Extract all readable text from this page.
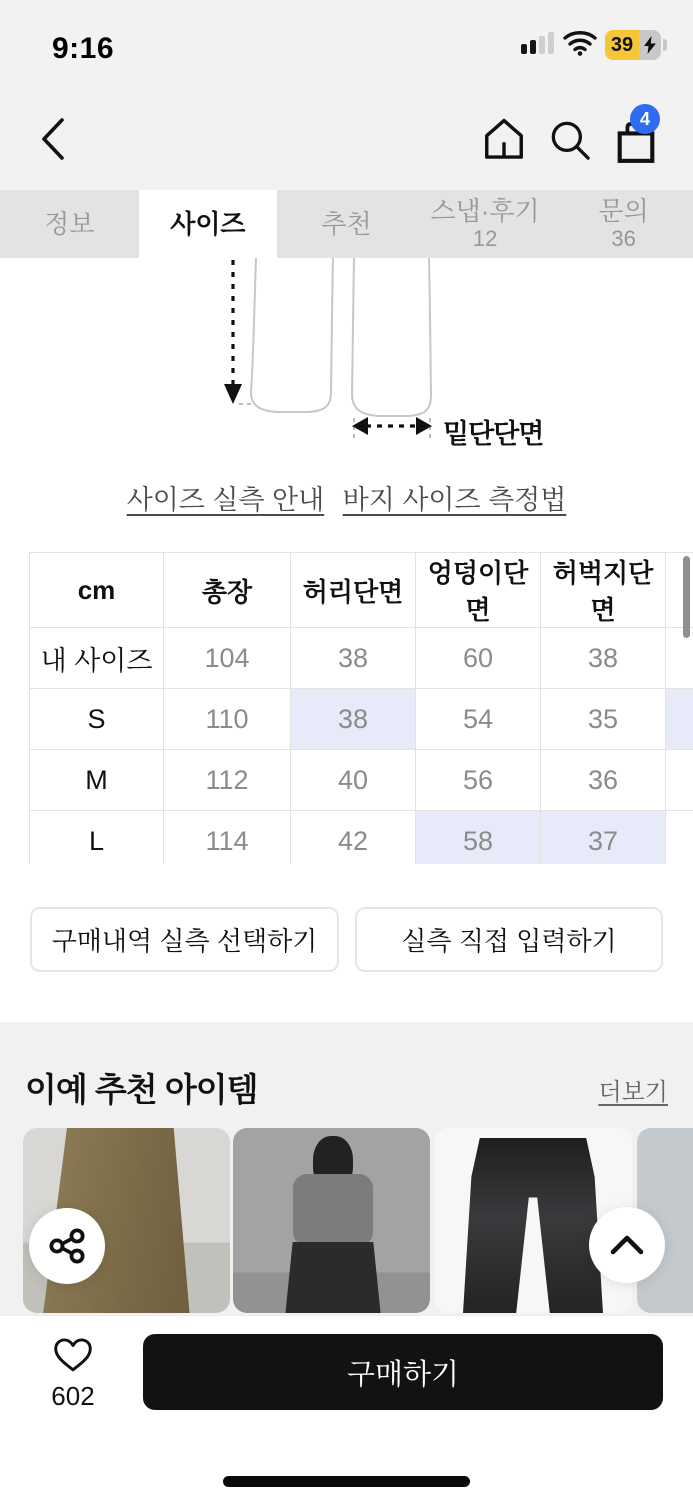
9:16	39
4
정보	사이즈	추천 스냅·후기
12
문의
36
밑단단면
사이즈 실측 안내 바지 사이즈 측정법
cm	총장	허리단면	엉덩이단면	허벅지단면	
내 사이즈	104	38	60	38	
S	110	38	54	35	
M	112	40	56	36	
L	114	42	58	37	
구매내역 실측 선택하기	실측 직접 입력하기
이예 추천 아이템	더보기
602
구매하기
